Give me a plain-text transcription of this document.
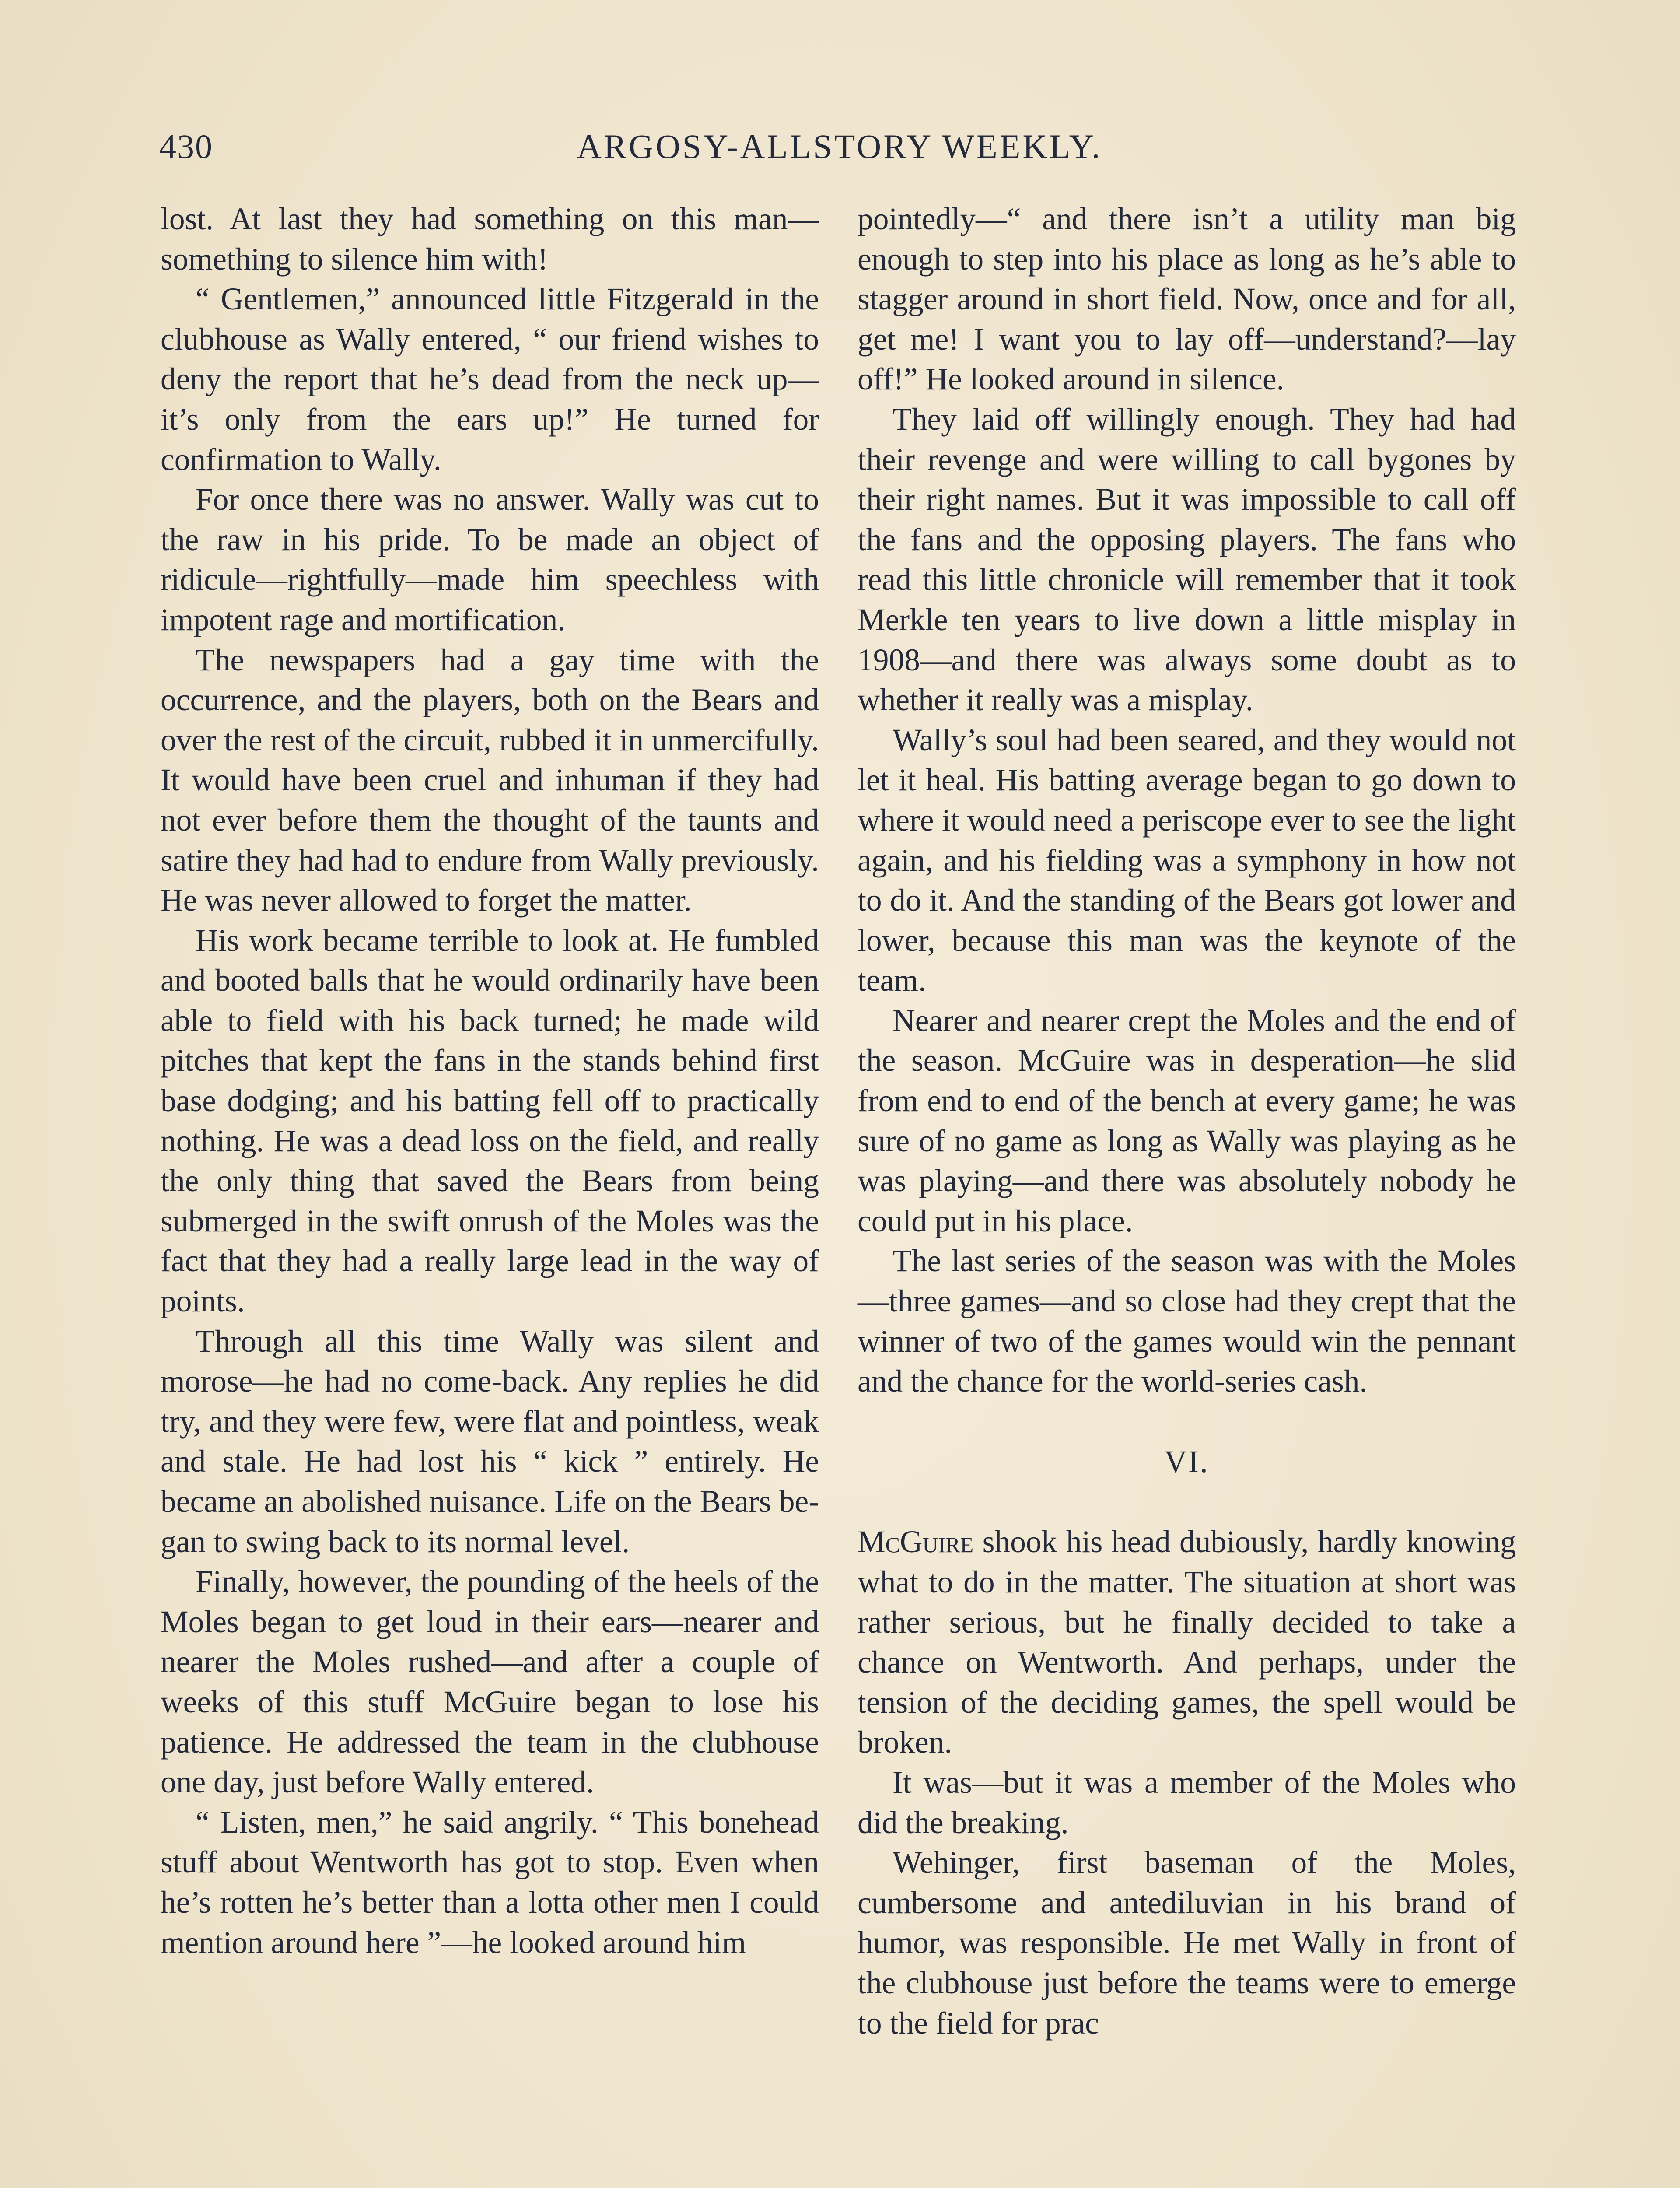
430	ARGOSY-ALLSTORY WEEKLY.

lost. At last they had something on this man—something to silence him with!

“ Gentlemen,” announced little Fitzgerald in the clubhouse as Wally entered, “ our friend wishes to deny the report that he’s dead from the neck up—it’s only from the ears up!” He turned for confirmation to Wally.

For once there was no answer. Wally was cut to the raw in his pride. To be made an object of ridicule—rightfully—made him speechless with impotent rage and mortification.

The newspapers had a gay time with the occurrence, and the players, both on the Bears and over the rest of the circuit, rubbed it in unmercifully. It would have been cruel and inhuman if they had not ever before them the thought of the taunts and satire they had had to endure from Wally previously. He was never allowed to forget the matter.

His work became terrible to look at. He fumbled and booted balls that he would ordinarily have been able to field with his back turned; he made wild pitches that kept the fans in the stands behind first base dodging; and his batting fell off to practically nothing. He was a dead loss on the field, and really the only thing that saved the Bears from being submerged in the swift onrush of the Moles was the fact that they had a really large lead in the way of points.

Through all this time Wally was silent and morose—he had no come-back. Any replies he did try, and they were few, were flat and pointless, weak and stale. He had lost his “ kick ” entirely. He became an abolished nuisance. Life on the Bears began to swing back to its normal level.

Finally, however, the pounding of the heels of the Moles began to get loud in their ears—nearer and nearer the Moles rushed—and after a couple of weeks of this stuff McGuire began to lose his patience. He addressed the team in the clubhouse one day, just before Wally entered.

“ Listen, men,” he said angrily. “ This bonehead stuff about Wentworth has got to stop. Even when he’s rotten he’s better than a lotta other men I could mention around here ”—he looked around him

pointedly—“ and there isn’t a utility man big enough to step into his place as long as he’s able to stagger around in short field. Now, once and for all, get me! I want you to lay off—understand?—lay off!” He looked around in silence.

They laid off willingly enough. They had had their revenge and were willing to call bygones by their right names. But it was impossible to call off the fans and the opposing players. The fans who read this little chronicle will remember that it took Merkle ten years to live down a little misplay in 1908—and there was always some doubt as to whether it really was a misplay.

Wally’s soul had been seared, and they would not let it heal. His batting average began to go down to where it would need a periscope ever to see the light again, and his fielding was a symphony in how not to do it. And the standing of the Bears got lower and lower, because this man was the keynote of the team.

Nearer and nearer crept the Moles and the end of the season. McGuire was in desperation—he slid from end to end of the bench at every game; he was sure of no game as long as Wally was playing as he was playing—and there was absolutely nobody he could put in his place.

The last series of the season was with the Moles—three games—and so close had they crept that the winner of two of the games would win the pennant and the chance for the world-series cash.

VI.

McGuire shook his head dubiously, hardly knowing what to do in the matter. The situation at short was rather serious, but he finally decided to take a chance on Wentworth. And perhaps, under the tension of the deciding games, the spell would be broken.

It was—but it was a member of the Moles who did the breaking.

Wehinger, first baseman of the Moles, cumbersome and antediluvian in his brand of humor, was responsible. He met Wally in front of the clubhouse just before the teams were to emerge to the field for prac
